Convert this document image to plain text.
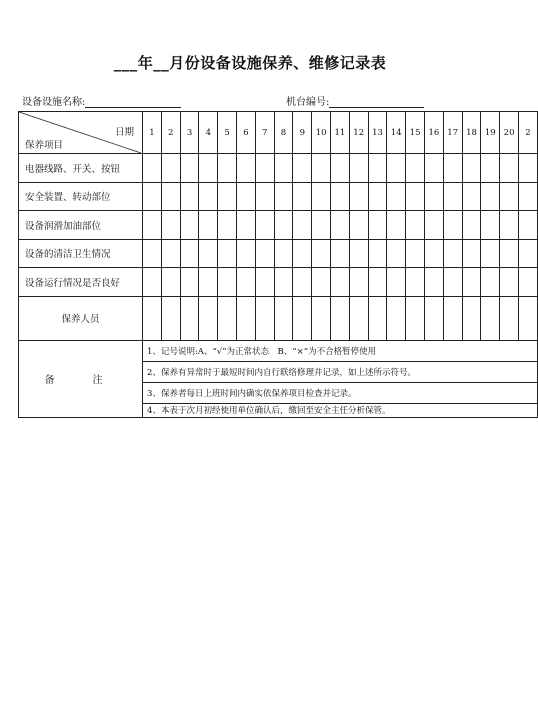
___年__月份设备设施保养、维修记录表
设备设施名称:	机台编号:
日期
保养项目	1	2	3	4	5	6	7	8	9	10	11	12	13	14	15	16	17	18	19	20	2
电器线路、开关、按钮																					
安全装置、转动部位																					
设备润滑加油部位																					
设备的清洁卫生情况																					
设备运行情况是否良好																					
保养人员																					
备　注	1、记号说明:A、“√”为正常状态　B、“×”为不合格暂停使用																				
	2、保养有异常时于最短时间内自行联络修理并记录，如上述所示符号。																				
	3、保养者每日上班时间内确实依保养项目检查并记录。																				
	4、本表于次月初经使用单位确认后，缴回至安全主任分析保管。																				
